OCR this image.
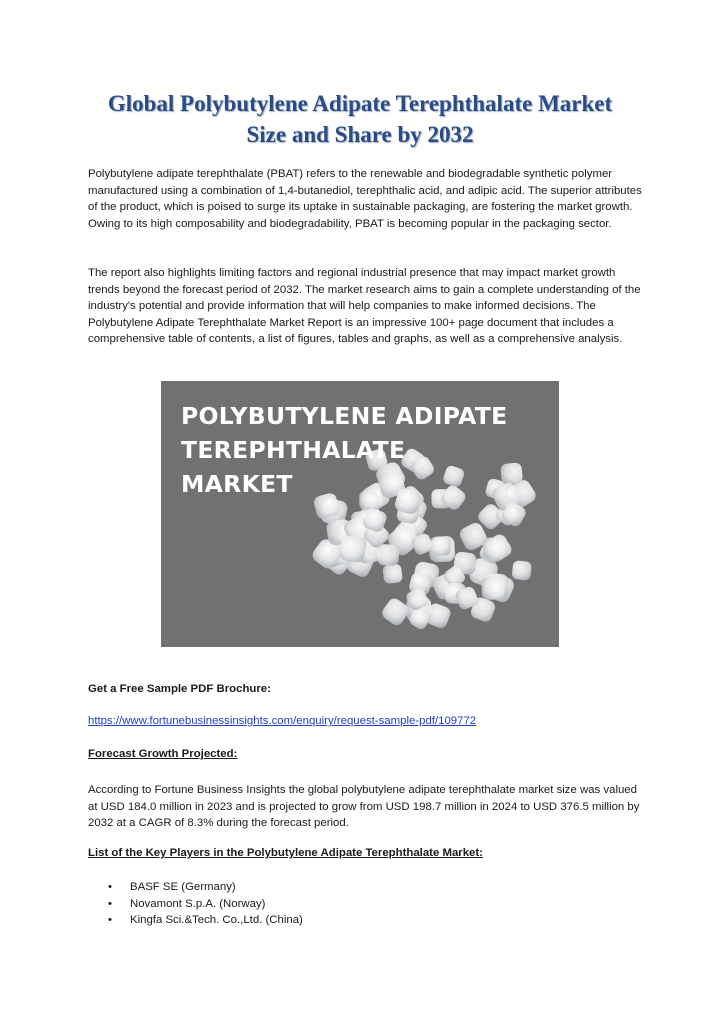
Global Polybutylene Adipate Terephthalate Market
Size and Share by 2032

Polybutylene adipate terephthalate (PBAT) refers to the renewable and biodegradable synthetic polymer manufactured using a combination of 1,4-butanediol, terephthalic acid, and adipic acid. The superior attributes of the product, which is poised to surge its uptake in sustainable packaging, are fostering the market growth. Owing to its high composability and biodegradability, PBAT is becoming popular in the packaging sector.

The report also highlights limiting factors and regional industrial presence that may impact market growth trends beyond the forecast period of 2032. The market research aims to gain a complete understanding of the industry's potential and provide information that will help companies to make informed decisions. The Polybutylene Adipate Terephthalate Market Report is an impressive 100+ page document that includes a comprehensive table of contents, a list of figures, tables and graphs, as well as a comprehensive analysis.

POLYBUTYLENE ADIPATE
TEREPHTHALATE
MARKET

Get a Free Sample PDF Brochure:

https://www.fortunebusinessinsights.com/enquiry/request-sample-pdf/109772

Forecast Growth Projected:

According to Fortune Business Insights the global polybutylene adipate terephthalate market size was valued at USD 184.0 million in 2023 and is projected to grow from USD 198.7 million in 2024 to USD 376.5 million by 2032 at a CAGR of 8.3% during the forecast period.

List of the Key Players in the Polybutylene Adipate Terephthalate Market:

• BASF SE (Germany)
• Novamont S.p.A. (Norway)
• Kingfa Sci.&Tech. Co.,Ltd. (China)
